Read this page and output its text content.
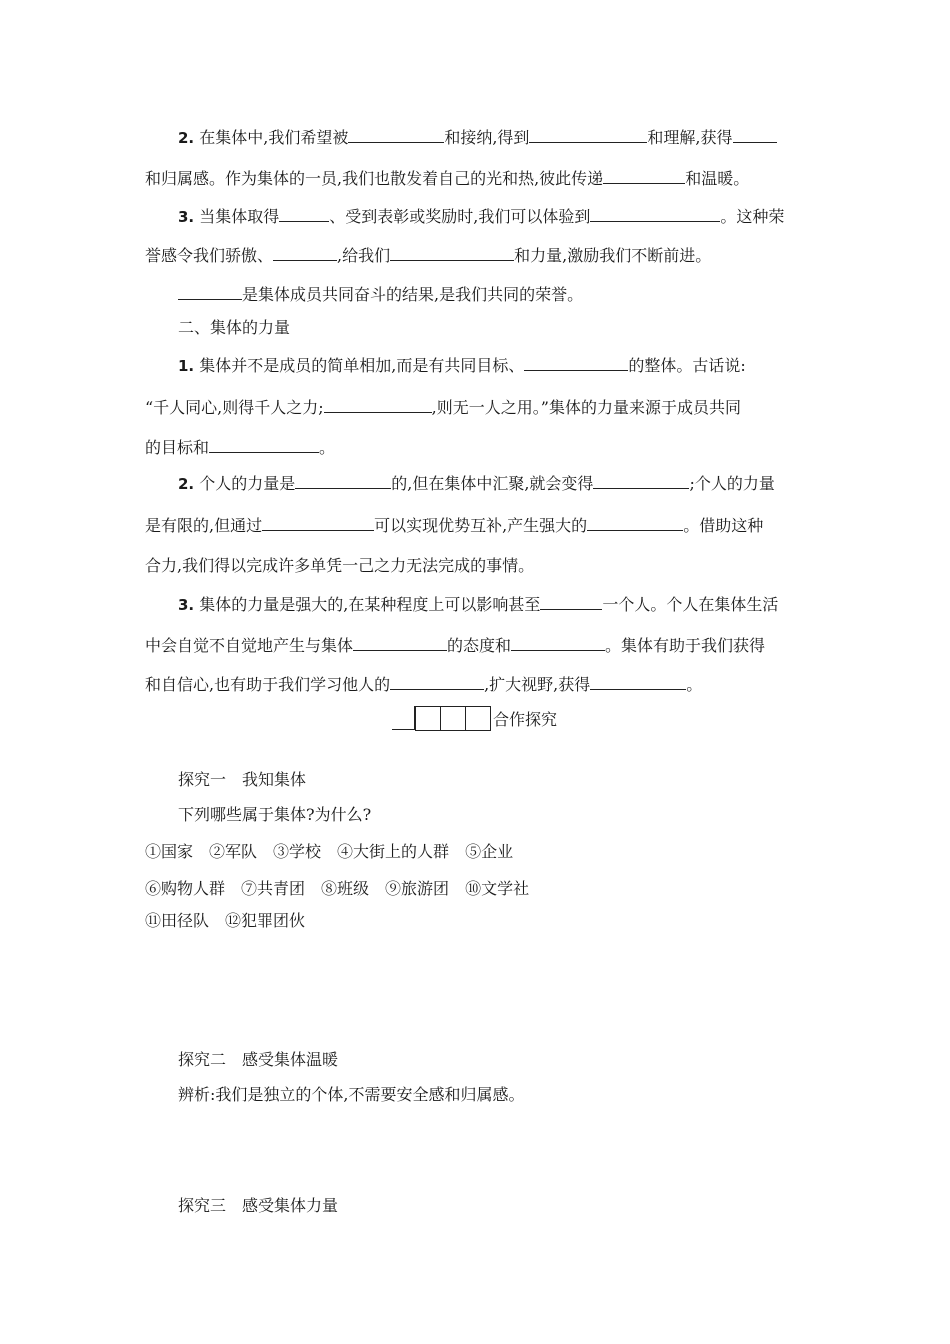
2. 在集体中,我们希望被	和接纳,得到	和理解,获得
和归属感。作为集体的一员,我们也散发着自己的光和热,彼此传递	和温暖。
3. 当集体取得	、受到表彰或奖励时,我们可以体验到	。这种荣
誉感令我们骄傲、	,给我们	和力量,激励我们不断前进。
是集体成员共同奋斗的结果,是我们共同的荣誉。
二、集体的力量
1. 集体并不是成员的简单相加,而是有共同目标、	的整体。古话说:
“千人同心,则得千人之力;	,则无一人之用。”集体的力量来源于成员共同
的目标和	。
2. 个人的力量是	的,但在集体中汇聚,就会变得	;个人的力量
是有限的,但通过	可以实现优势互补,产生强大的	。借助这种
合力,我们得以完成许多单凭一己之力无法完成的事情。
3. 集体的力量是强大的,在某种程度上可以影响甚至	一个人。个人在集体生活
中会自觉不自觉地产生与集体	的态度和	。集体有助于我们获得
和自信心,也有助于我们学习他人的	,扩大视野,获得	。
合作探究
探究一　我知集体
下列哪些属于集体?为什么?
①国家 ②军队 ③学校 ④大街上的人群 ⑤企业
⑥购物人群 ⑦共青团 ⑧班级 ⑨旅游团 ⑩文学社
⑪田径队 ⑫犯罪团伙
探究二　感受集体温暖
辨析:我们是独立的个体,不需要安全感和归属感。
探究三　感受集体力量
